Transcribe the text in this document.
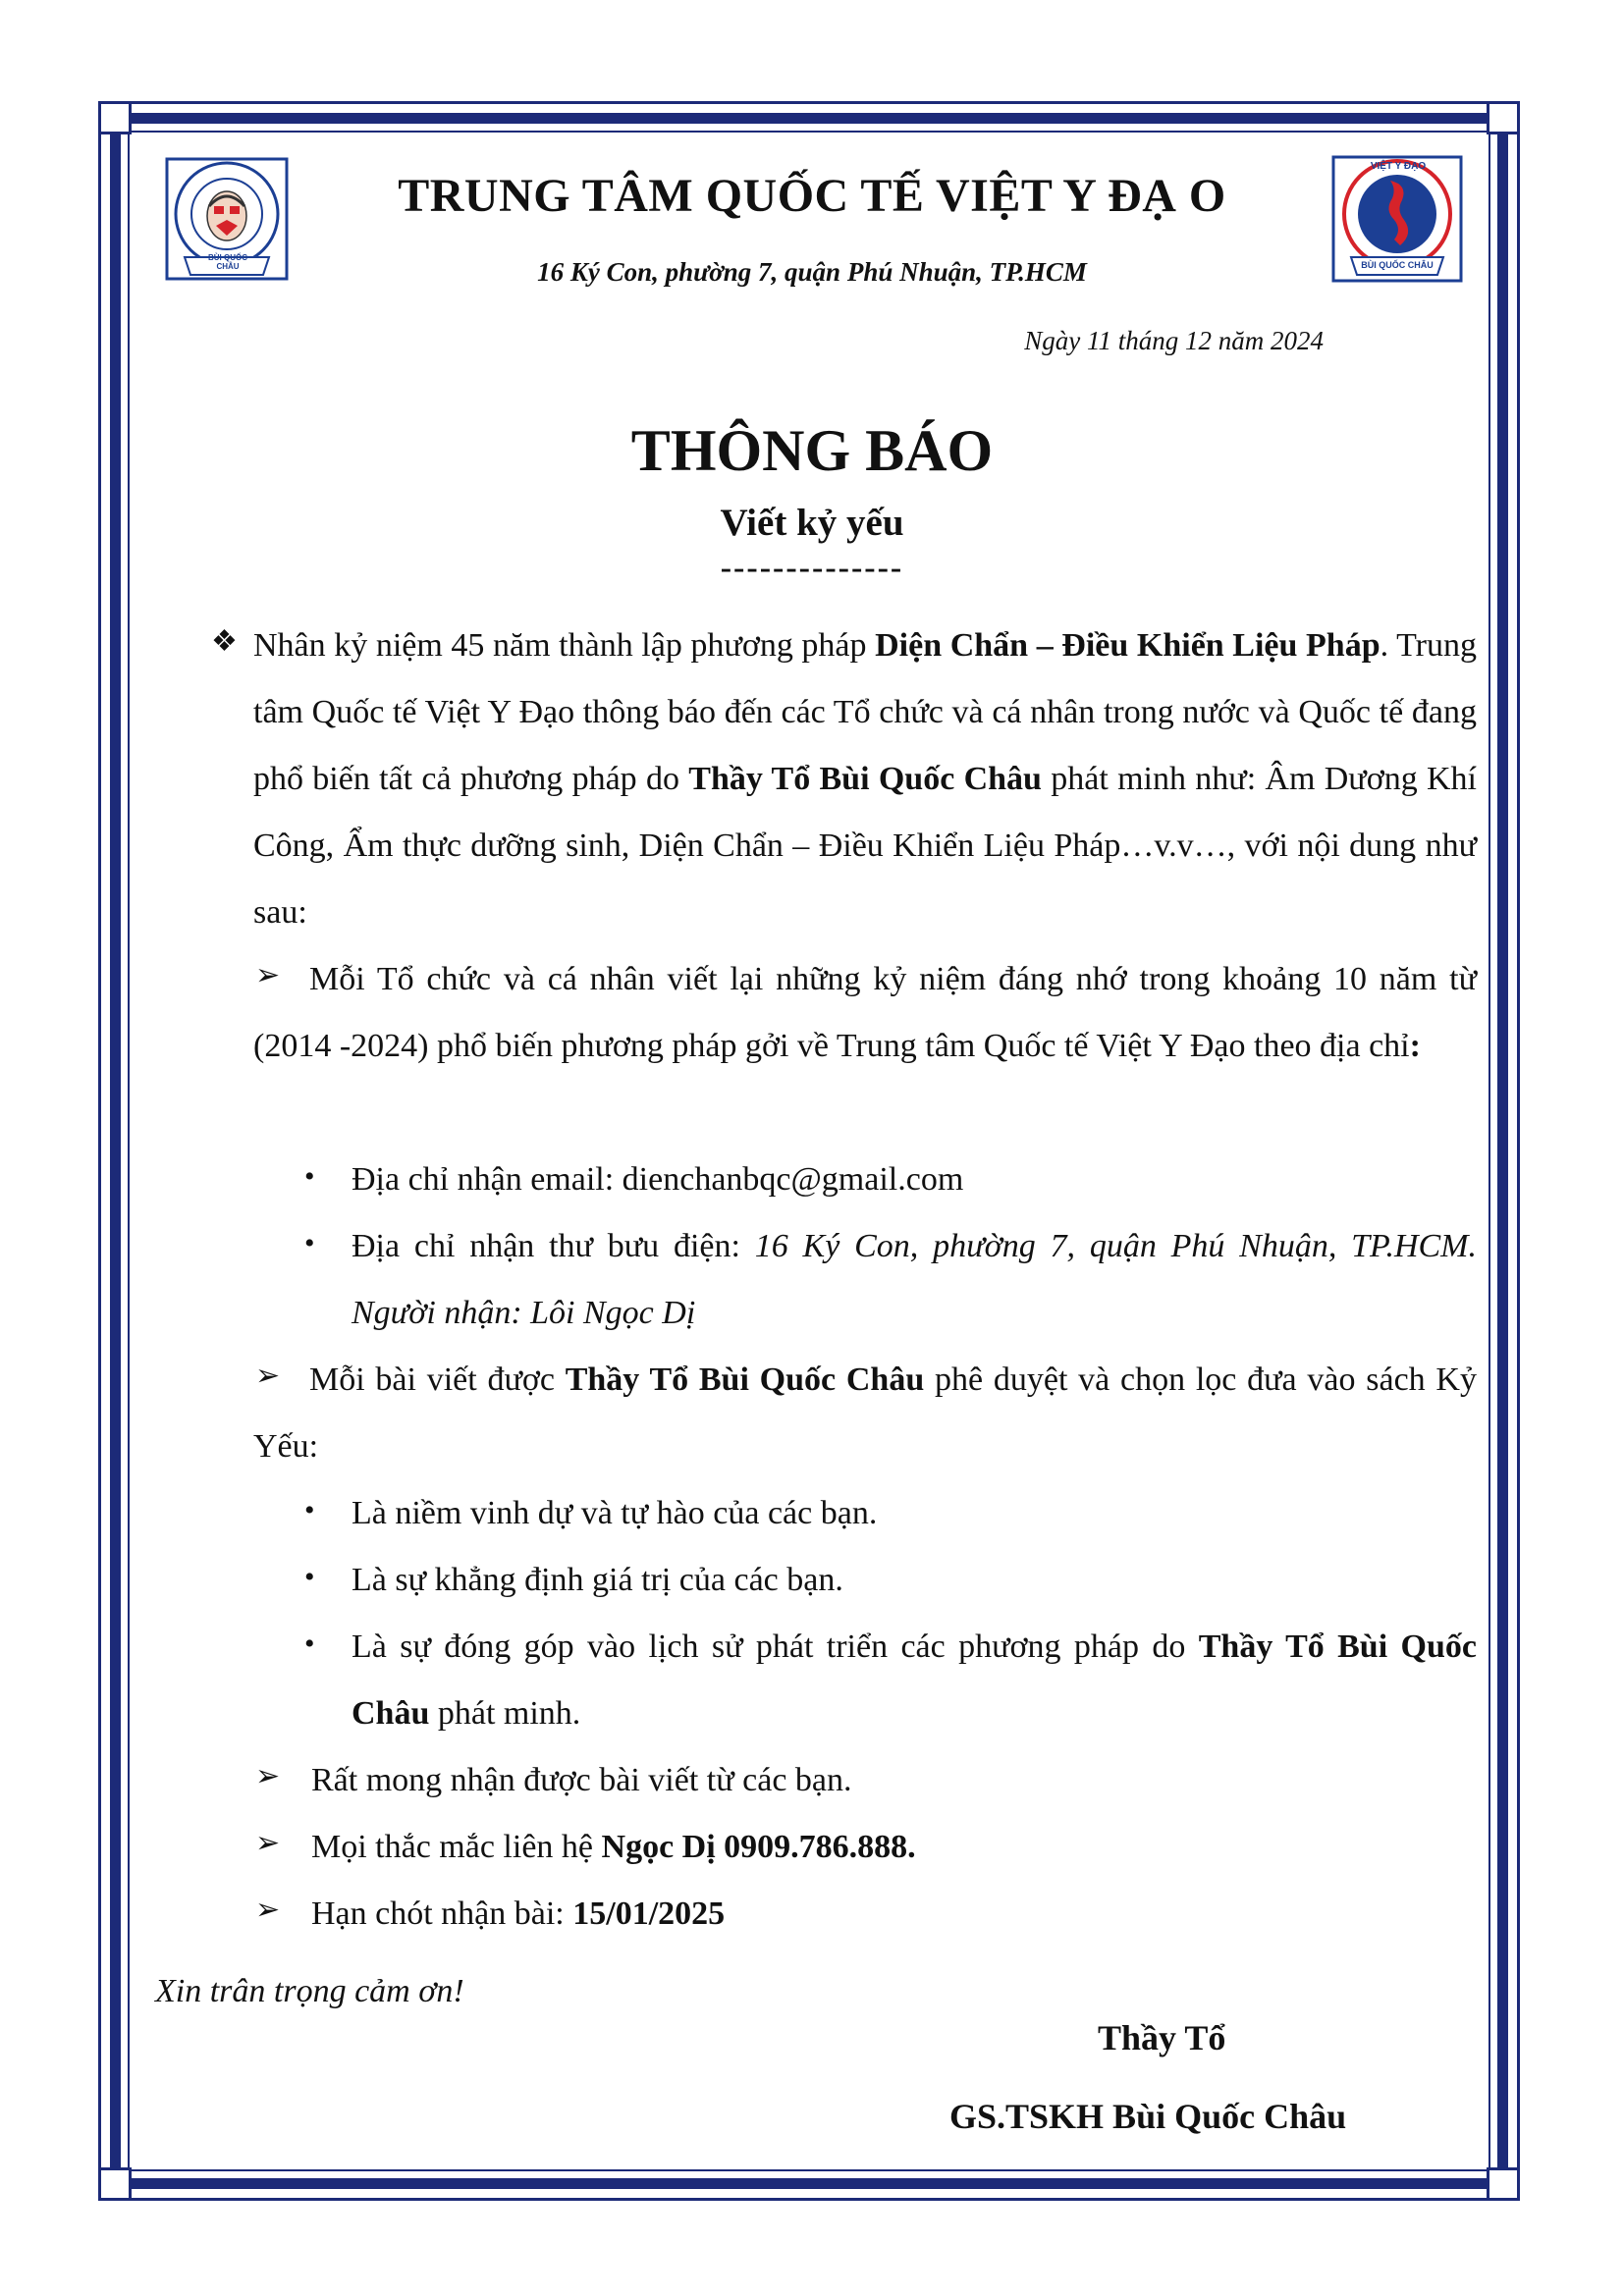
BÙI QUỐC CHÂU
VIỆT Y ĐẠO
BÙI QUỐC CHÂU
TRUNG TÂM QUỐC TẾ VIỆT Y ĐẠ O
16 Ký Con, phường 7, quận Phú Nhuận, TP.HCM
Ngày 11 tháng 12 năm 2024
THÔNG BÁO
Viết kỷ yếu
--------------
❖ Nhân kỷ niệm 45 năm thành lập phương pháp Diện Chẩn – Điều Khiển Liệu Pháp. Trung tâm Quốc tế Việt Y Đạo thông báo đến các Tổ chức và cá nhân trong nước và Quốc tế đang phổ biến tất cả phương pháp do Thầy Tổ Bùi Quốc Châu phát minh như: Âm Dương Khí Công, Ẩm thực dưỡng sinh, Diện Chẩn – Điều Khiển Liệu Pháp…v.v…, với nội dung như sau:
➢ Mỗi Tổ chức và cá nhân viết lại những kỷ niệm đáng nhớ trong khoảng 10 năm từ (2014 -2024) phổ biến phương pháp gởi về Trung tâm Quốc tế Việt Y Đạo theo địa chỉ:
• Địa chỉ nhận email: dienchanbqc@gmail.com
• Địa chỉ nhận thư bưu điện: 16 Ký Con, phường 7, quận Phú Nhuận, TP.HCM. Người nhận: Lôi Ngọc Dị
➢ Mỗi bài viết được Thầy Tổ Bùi Quốc Châu phê duyệt và chọn lọc đưa vào sách Kỷ Yếu:
• Là niềm vinh dự và tự hào của các bạn.
• Là sự khẳng định giá trị của các bạn.
• Là sự đóng góp vào lịch sử phát triển các phương pháp do Thầy Tổ Bùi Quốc Châu phát minh.
➢ Rất mong nhận được bài viết từ các bạn.
➢ Mọi thắc mắc liên hệ Ngọc Dị 0909.786.888.
➢ Hạn chót nhận bài: 15/01/2025
Xin trân trọng cảm ơn!
Thầy Tổ
GS.TSKH Bùi Quốc Châu
